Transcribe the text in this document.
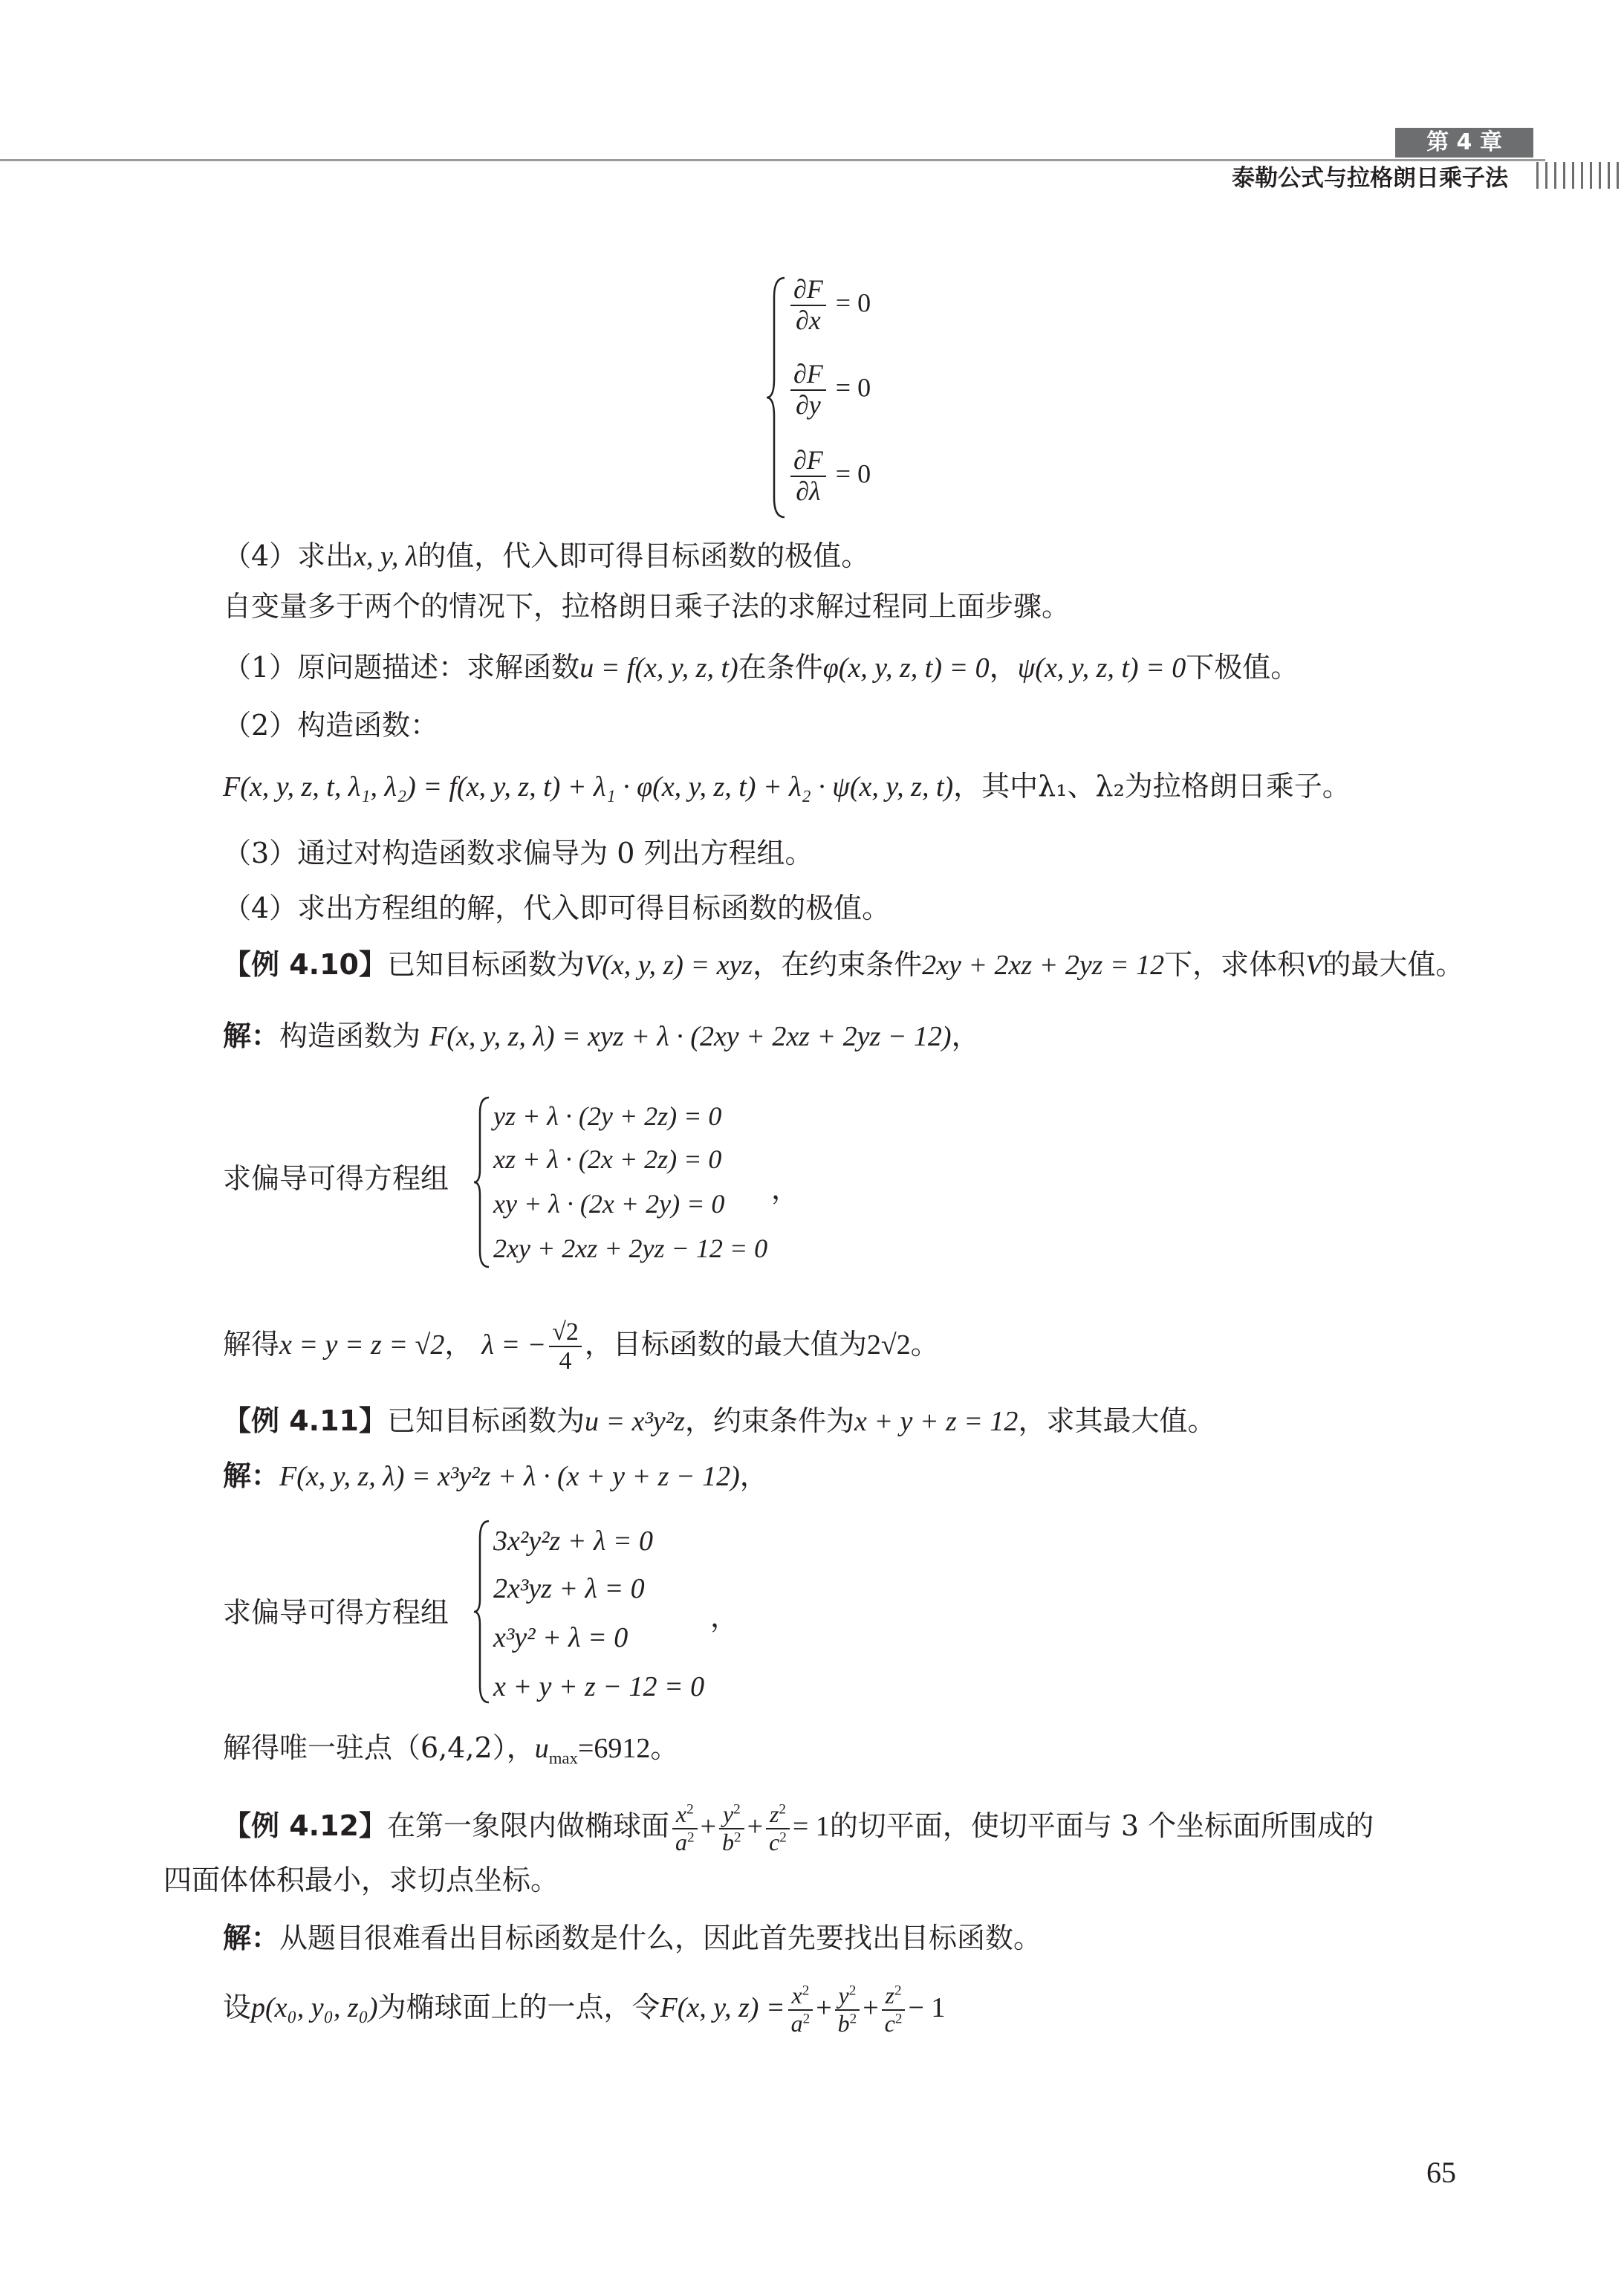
第 4 章
泰勒公式与拉格朗日乘子法
$\frac{\partial F}{\partial x} = 0$
$\frac{\partial F}{\partial y} = 0$
$\frac{\partial F}{\partial\lambda} = 0$
（4）求出x, y, λ的值，代入即可得目标函数的极值。
自变量多于两个的情况下，拉格朗日乘子法的求解过程同上面步骤。
（1）原问题描述：求解函数u = f(x, y, z, t)在条件φ(x, y, z, t) = 0，ψ(x, y, z, t) = 0下极值。
（2）构造函数：
F(x, y, z, t, λ₁, λ₂) = f(x, y, z, t) + λ₁ · φ(x, y, z, t) + λ₂ · ψ(x, y, z, t)，其中λ₁、λ₂为拉格朗日乘子。
（3）通过对构造函数求偏导为 0 列出方程组。
（4）求出方程组的解，代入即可得目标函数的极值。
【例 4.10】已知目标函数为V(x, y, z) = xyz，在约束条件2xy + 2xz + 2yz = 12下，求体积V的最大值。
解：构造函数为 F(x, y, z, λ) = xyz + λ · (2xy + 2xz + 2yz − 12)，
求偏导可得方程组
yz + λ · (2y + 2z) = 0
xz + λ · (2x + 2z) = 0
xy + λ · (2x + 2y) = 0
2xy + 2xz + 2yz − 12 = 0
，
解得x = y = z = √2， λ = − $\frac{√2}{4}$ ，目标函数的最大值为2√2。
【例 4.11】已知目标函数为u = x³y²z，约束条件为x + y + z = 12，求其最大值。
解：F(x, y, z, λ) = x³y²z + λ · (x + y + z − 12)，
求偏导可得方程组
3x²y²z + λ = 0
2x³yz + λ = 0
x³y² + λ = 0
x + y + z − 12 = 0
，
解得唯一驻点（6,4,2），$u_{max}=6912$。
【例 4.12】在第一象限内做椭球面 $\frac{x^2}{a^2} + \frac{y^2}{b^2} + \frac{z^2}{c^2} = 1$的切平面，使切平面与 3 个坐标面所围成的
四面体体积最小，求切点坐标。
解：从题目很难看出目标函数是什么，因此首先要找出目标函数。
设p(x₀, y₀, z₀)为椭球面上的一点，令F(x, y, $z) = \frac{x^2}{a^2} + \frac{y^2}{b^2} + \frac{z^2}{c^2} - 1$
65
